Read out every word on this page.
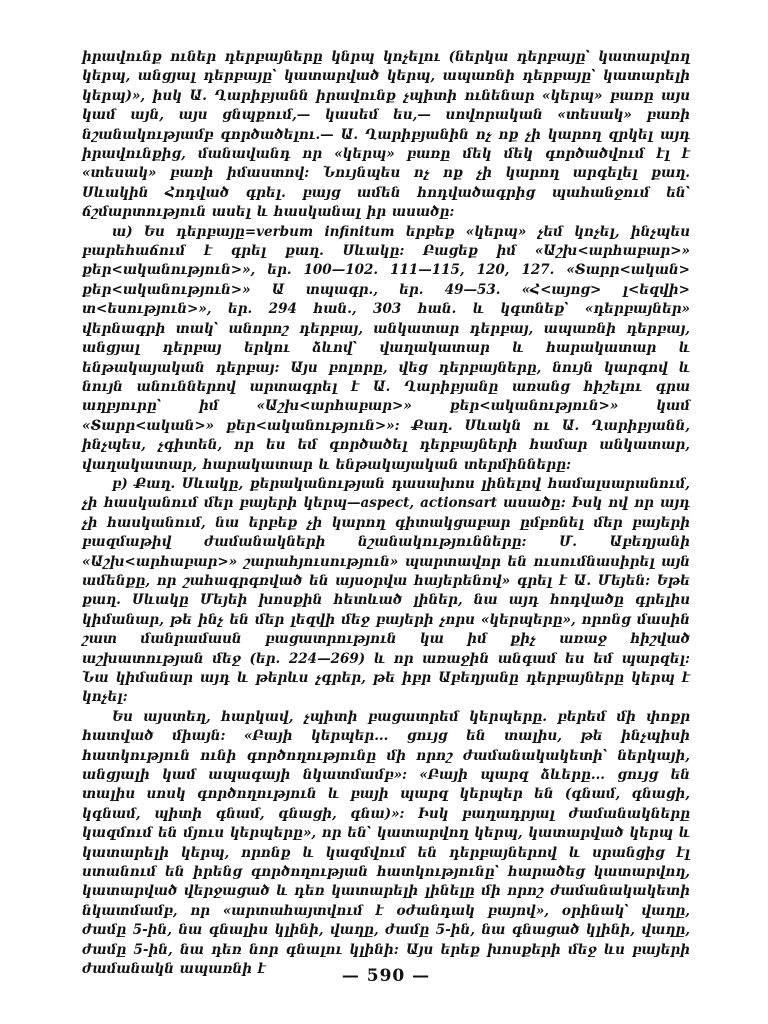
իրավունք ուներ դերբայները կնրպ կոչելու (ներկա դերբայը՝ կատարվող կերպ, անցյալ դերբայը՝ կատարված կերպ, ապառնի դերբայը՝ կատարելի կերպ)», իսկ Ա. Ղարիբյանն իրավունք չպիտի ունենար «կերպ» բառը այս կամ այն, այս ցնպքում,— կասեմ ես,— սովորական «տեսակ» բառի նշանակությամբ գործածելու.— Ա. Ղարիբյանին ոչ ոք չի կարող զրկել այդ իրավունքից, մանավանդ որ «կերպ» բառը մեկ մեկ գործածվում էլ է «տեսակ» բառի իմաստով: Նույնպես ոչ ոք չի կարող արգելել քաղ. Սևակին Հոդված գրել. բայց ամեն հոդվածագրից պահանջում են՝ ճշմարտություն ասել և հասկանալ իր ասածը:

ա) Ես դերբայը=verbum infinitum երբեք «կերպ» չեմ կոչել, ինչպես բարեհաճում է գրել քաղ. Սևակը: Բացեք իմ «Աշխ<արհաբար>» քեր<ականություն>», եր. 100—102. 111—115, 120, 127. «Տարր<ական> քեր<ականություն>» Ա տպագր., եր. 49—53. «Հ<այոց> լ<եզվի> տ<եսություն>», եր. 294 հան., 303 հան. և կգտնեք՝ «դերբայներ» վերնագրի տակ՝ անորոշ դերբայ, անկատար դերբայ, ապառնի դերբայ, անցյալ դերբայ երկու ձևով՝ վաղակատար և հարակատար և ենթակայական դերբայ: Այս բոլորը, վեց դերբայները, նույն կարգով և նույն անուններով արտագրել է Ա. Ղարիբյանը առանց հիշելու գրա աղբյուրը՝ իմ «Աշխ<արհաբար>» քեր<ականություն>» կամ «Տարր<ական>» քեր<ականություն>»: Քաղ. Սևակն ու Ա. Ղարիբյանն, ինչպես, չգիտեն, որ ես եմ գործածել դերբայների համար անկատար, վաղակատար, հարակատար և ենթակայական տերմինները:

բ) Քաղ. Սևակը, քերականության դասախոս լինելով համալսարանում, չի հասկանում մեր բայերի կերպ—aspect, actionsart ասածը: Իսկ ով որ այդ չի հասկանում, նա երբեք չի կարող գիտակցաբար ըմբռնել մեր բայերի բազմաթիվ ժամանակների նշանակությունները: Մ. Աբեղյանի «Աշխ<արհաբար>» շարահյուսություն» պարտավոր են ուսումնասիրել այն ամենքը, որ շահագրգռված են այսօրվա հայերենով» գրել է Ա. Մեյեն: Եթե քաղ. Սևակը Մեյեի խոսքին հետևած լիներ, նա այդ հոդվածը գրելիս կիմանար, թե ինչ են մեր լեզվի մեջ բայերի չորս «կերպերը», որոնց մասին շատ մանրամասն բացատրություն կա իմ քիչ առաջ հիշված աշխատության մեջ (եր. 224—269) և որ առաջին անգամ ես եմ պարզել: Նա կիմանար այդ և թերևս չգրեր, թե իբր Աբեղյանը դերբայները կերպ է կոչել:

Ես այստեղ, հարկավ, չպիտի բացատրեմ կերպերը. բերեմ մի փոքր հատված միայն: «Բայի կերպեր... ցույց են տալիս, թե ինչպիսի հատկություն ունի գործողությունը մի որոշ ժամանակակետի՝ ներկայի, անցյալի կամ ապագայի նկատմամբ»: «Բայի պարզ ձևերը... ցույց են տալիս սոսկ գործողություն և բայի պարզ կերպեր են (գնամ, գնացի, կգնամ, պիտի գնամ, գնացի, գնա)»: Իսկ բաղադրյալ ժամանակները կազմում են մյուս կերպերը», որ են՝ կատարվող կերպ, կատարված կերպ և կատարելի կերպ, որոնք և կազմվում են դերբայներով և սրանցից էլ ստանում են իրենց գործողության հատկությունը՝ հարածեց կատարվող, կատարված վերջացած և դեռ կատարելի լինելը մի որոշ ժամանակակետի նկատմամբ, որ «արտահայտվում է օժանդակ բայով», օրինակ՝ վաղը, ժամը 5-ին, նա գնալիս կլինի, վաղը, ժամը 5-ին, նա գնացած կլինի, վաղը, ժամը 5-ին, նա դեռ նոր գնալու կլինի: Այս երեք խոսքերի մեջ ևս բայերի ժամանակն ապառնի է	— 590 —
